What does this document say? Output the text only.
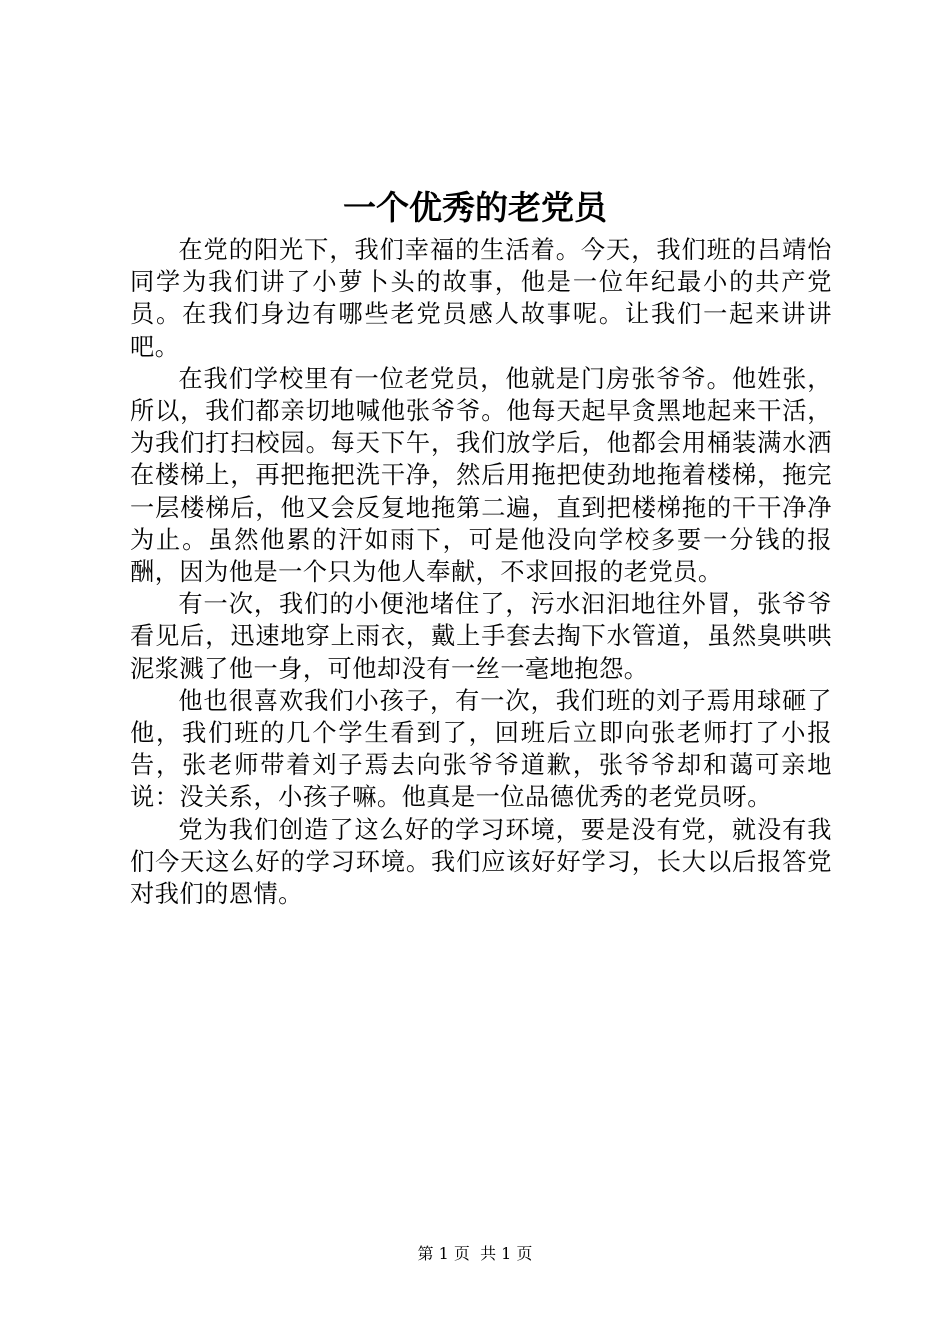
一个优秀的老党员

在党的阳光下，我们幸福的生活着。今天，我们班的吕靖怡同学为我们讲了小萝卜头的故事，他是一位年纪最小的共产党员。在我们身边有哪些老党员感人故事呢。让我们一起来讲讲吧。

在我们学校里有一位老党员，他就是门房张爷爷。他姓张，所以，我们都亲切地喊他张爷爷。他每天起早贪黑地起来干活，为我们打扫校园。每天下午，我们放学后，他都会用桶装满水洒在楼梯上，再把拖把洗干净，然后用拖把使劲地拖着楼梯，拖完一层楼梯后，他又会反复地拖第二遍，直到把楼梯拖的干干净净为止。虽然他累的汗如雨下，可是他没向学校多要一分钱的报酬，因为他是一个只为他人奉献，不求回报的老党员。

有一次，我们的小便池堵住了，污水汩汩地往外冒，张爷爷看见后，迅速地穿上雨衣，戴上手套去掏下水管道，虽然臭哄哄泥浆溅了他一身，可他却没有一丝一毫地抱怨。

他也很喜欢我们小孩子，有一次，我们班的刘子焉用球砸了他，我们班的几个学生看到了，回班后立即向张老师打了小报告，张老师带着刘子焉去向张爷爷道歉，张爷爷却和蔼可亲地说：没关系，小孩子嘛。他真是一位品德优秀的老党员呀。

党为我们创造了这么好的学习环境，要是没有党，就没有我们今天这么好的学习环境。我们应该好好学习，长大以后报答党对我们的恩情。

第 1 页 共 1 页
